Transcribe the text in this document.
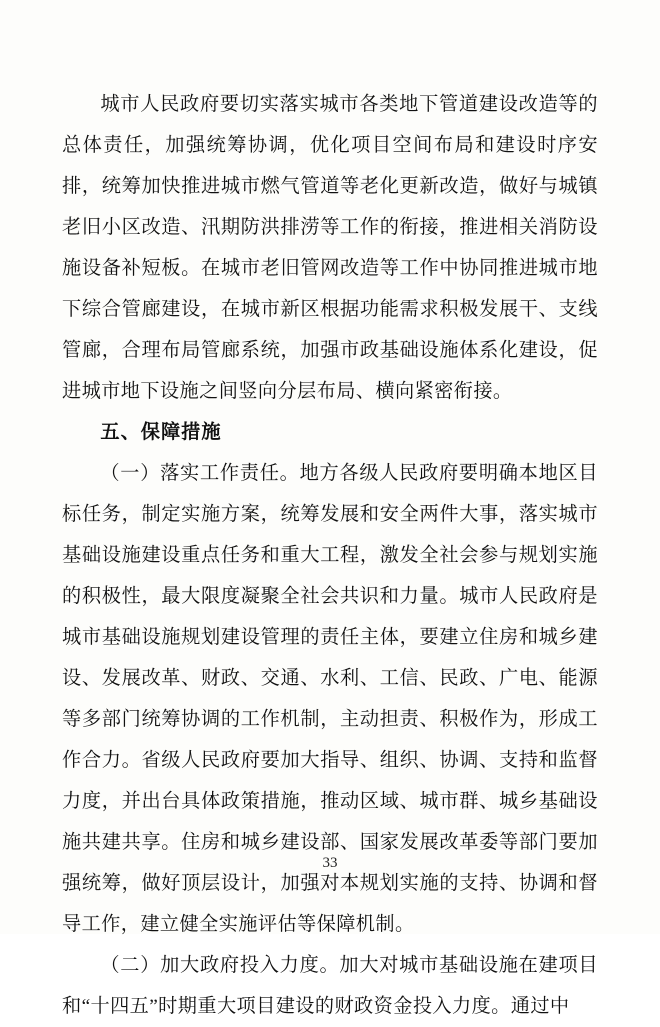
城市人民政府要切实落实城市各类地下管道建设改造等的总体责任，加强统筹协调，优化项目空间布局和建设时序安排，统筹加快推进城市燃气管道等老化更新改造，做好与城镇老旧小区改造、汛期防洪排涝等工作的衔接，推进相关消防设施设备补短板。在城市老旧管网改造等工作中协同推进城市地下综合管廊建设，在城市新区根据功能需求积极发展干、支线管廊，合理布局管廊系统，加强市政基础设施体系化建设，促进城市地下设施之间竖向分层布局、横向紧密衔接。

五、保障措施

（一）落实工作责任。地方各级人民政府要明确本地区目标任务，制定实施方案，统筹发展和安全两件大事，落实城市基础设施建设重点任务和重大工程，激发全社会参与规划实施的积极性，最大限度凝聚全社会共识和力量。城市人民政府是城市基础设施规划建设管理的责任主体，要建立住房和城乡建设、发展改革、财政、交通、水利、工信、民政、广电、能源等多部门统筹协调的工作机制，主动担责、积极作为，形成工作合力。省级人民政府要加大指导、组织、协调、支持和监督力度，并出台具体政策措施，推动区域、城市群、城乡基础设施共建共享。住房和城乡建设部、国家发展改革委等部门要加强统筹，做好顶层设计，加强对本规划实施的支持、协调和督导工作，建立健全实施评估等保障机制。

（二）加大政府投入力度。加大对城市基础设施在建项目和“十四五”时期重大项目建设的财政资金投入力度。通过中

33
